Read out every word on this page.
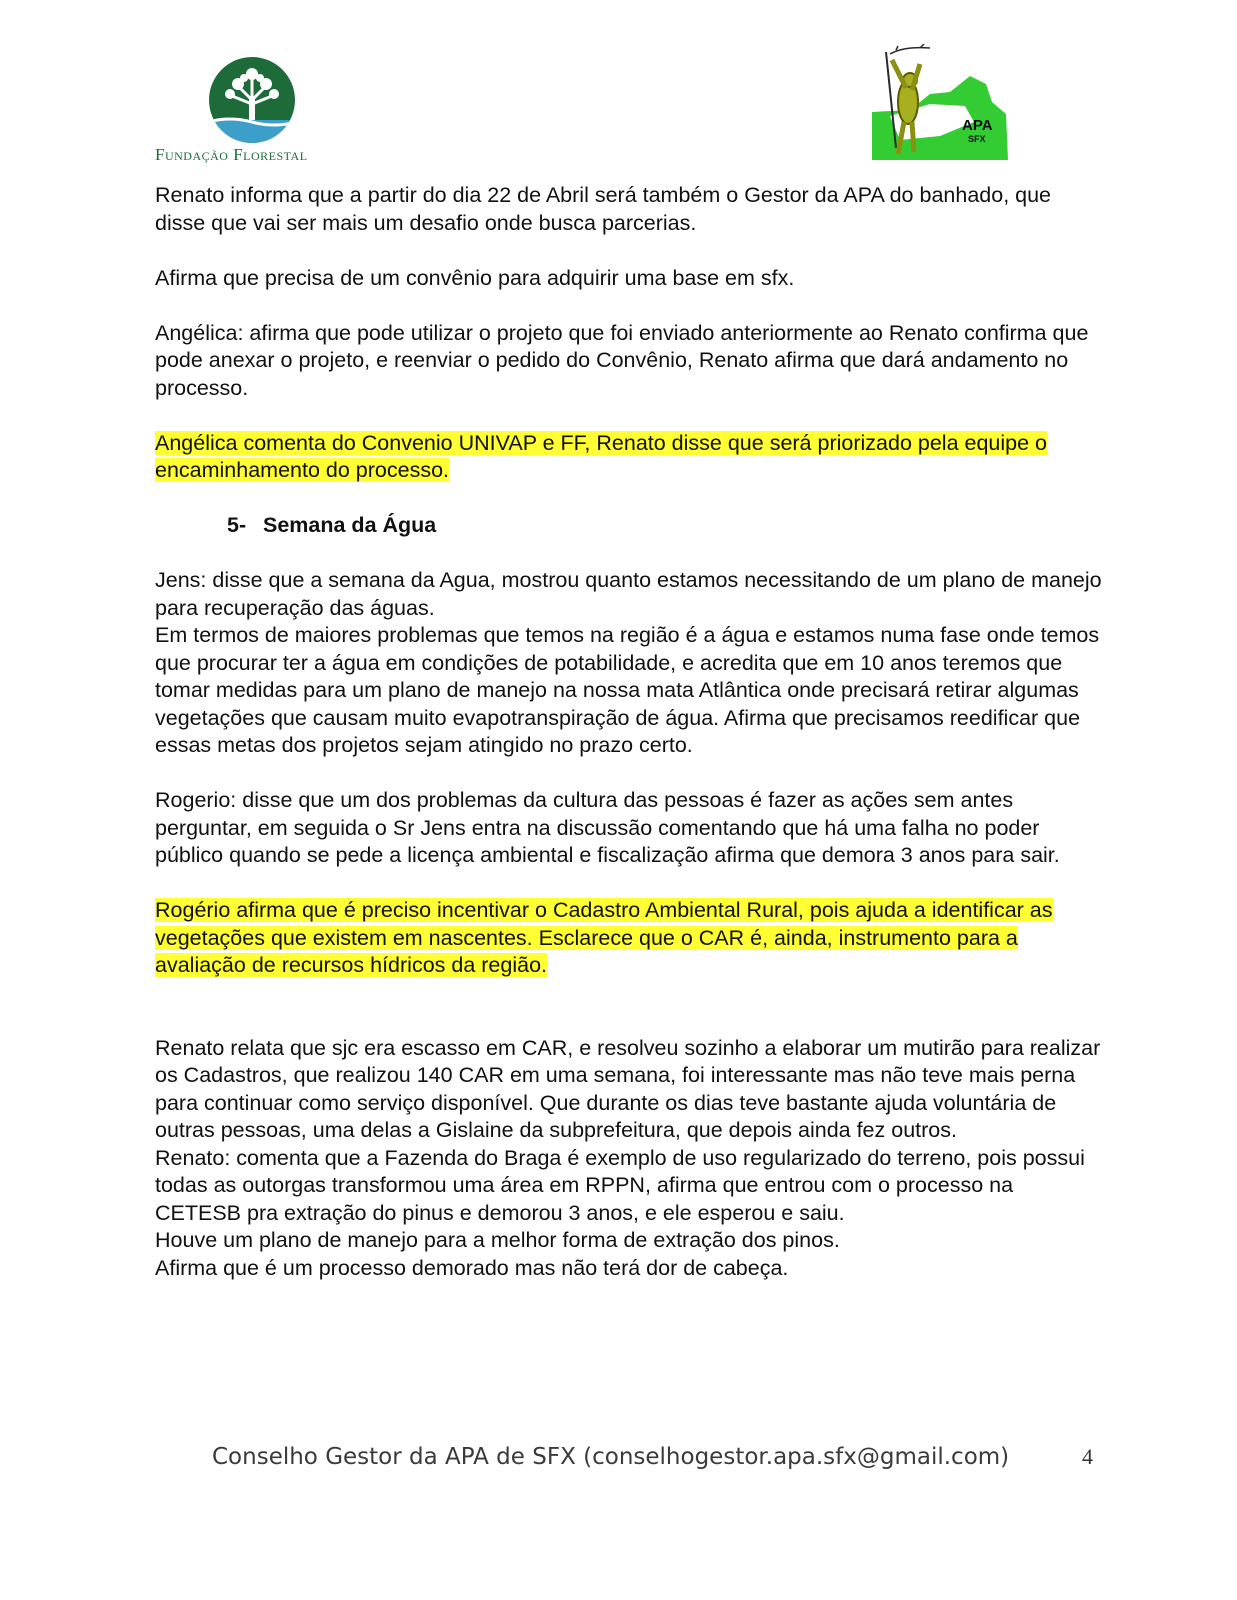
Fundação Florestal
APA
SFX

Renato informa que a partir do dia 22 de Abril será também o Gestor da APA do banhado, que disse que vai ser mais um desafio onde busca parcerias.

Afirma que precisa de um convênio para adquirir uma base em sfx.

Angélica: afirma que pode utilizar o projeto que foi enviado anteriormente ao Renato confirma que pode anexar o projeto, e reenviar o pedido do Convênio, Renato afirma que dará andamento no processo.

Angélica comenta do Convenio UNIVAP e FF, Renato disse que será priorizado pela equipe o encaminhamento do processo.

5- Semana da Água

Jens: disse que a semana da Agua, mostrou quanto estamos necessitando de um plano de manejo para recuperação das águas.

Em termos de maiores problemas que temos na região é a água e estamos numa fase onde temos que procurar ter a água em condições de potabilidade, e acredita que em 10 anos teremos que tomar medidas para um plano de manejo na nossa mata Atlântica onde precisará retirar algumas vegetações que causam muito evapotranspiração de água. Afirma que precisamos reedificar que essas metas dos projetos sejam atingido no prazo certo.

Rogerio: disse que um dos problemas da cultura das pessoas é fazer as ações sem antes perguntar, em seguida o Sr Jens entra na discussão comentando que há uma falha no poder público quando se pede a licença ambiental e fiscalização afirma que demora 3 anos para sair.

Rogério afirma que é preciso incentivar o Cadastro Ambiental Rural, pois ajuda a identificar as vegetações que existem em nascentes. Esclarece que o CAR é, ainda, instrumento para a avaliação de recursos hídricos da região.

Renato relata que sjc era escasso em CAR, e resolveu sozinho a elaborar um mutirão para realizar os Cadastros, que realizou 140 CAR em uma semana, foi interessante mas não teve mais perna para continuar como serviço disponível. Que durante os dias teve bastante ajuda voluntária de outras pessoas, uma delas a Gislaine da subprefeitura, que depois ainda fez outros.

Renato: comenta que a Fazenda do Braga é exemplo de uso regularizado do terreno, pois possui todas as outorgas transformou uma área em RPPN, afirma que entrou com o processo na CETESB pra extração do pinus e demorou 3 anos, e ele esperou e saiu.

Houve um plano de manejo para a melhor forma de extração dos pinos.

Afirma que é um processo demorado mas não terá dor de cabeça.

Conselho Gestor da APA de SFX (conselhogestor.apa.sfx@gmail.com)	4
